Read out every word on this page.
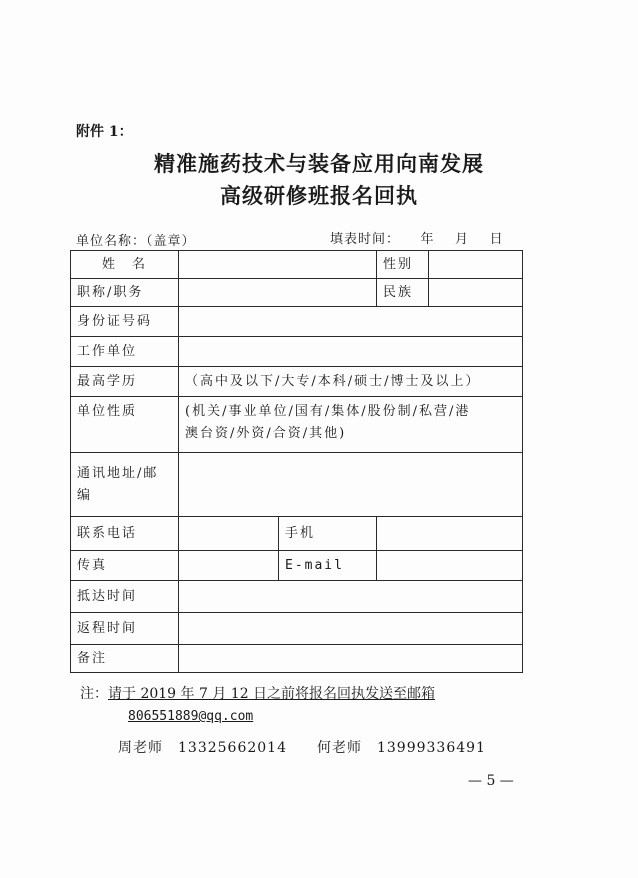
附件 1：
精准施药技术与装备应用向南发展
高级研修班报名回执
单位名称：（盖章）	填表时间：    年    月    日
姓　名			性别	
职称/职务			民族	
身份证号码				
工作单位				
最高学历	（高中及以下/大专/本科/硕士/博士及以上）			
单位性质	(机关/事业单位/国有/集体/股份制/私营/港
澳台资/外资/合资/其他)			

通讯地址/邮
编				

联系电话		手机		
传真		E-mail		
抵达时间				
返程时间				
备注				
注：请于 2019 年 7 月 12 日之前将报名回执发送至邮箱
806551889@qq.com
周老师　13325662014　　何老师　13999336491
— 5 —
